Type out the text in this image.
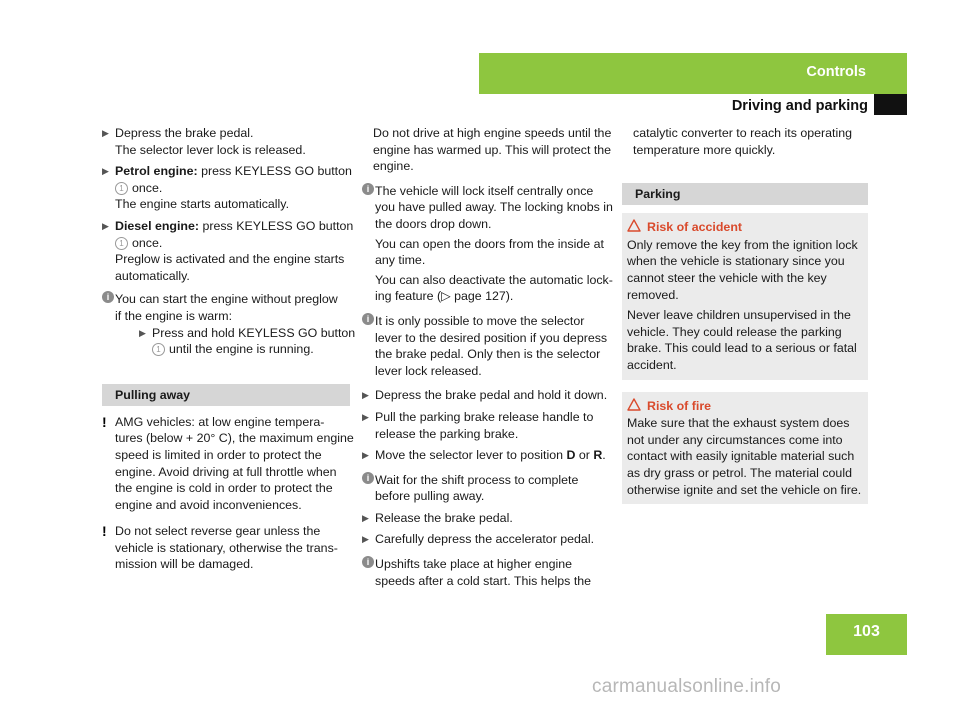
Controls
Driving and parking
▶ Depress the brake pedal.
The selector lever lock is released.
▶ Petrol engine: press KEYLESS GO button
1 once.
The engine starts automatically.
▶ Diesel engine: press KEYLESS GO button
1 once.
Preglow is activated and the engine starts
automatically.
i You can start the engine without preglow
if the engine is warm:
▶ Press and hold KEYLESS GO button
1 until the engine is running.
Pulling away
! AMG vehicles: at low engine tempera-
tures (below + 20° C), the maximum engine
speed is limited in order to protect the
engine. Avoid driving at full throttle when
the engine is cold in order to protect the
engine and avoid inconveniences.
! Do not select reverse gear unless the
vehicle is stationary, otherwise the trans-
mission will be damaged.
Do not drive at high engine speeds until the
engine has warmed up. This will protect the
engine.
i The vehicle will lock itself centrally once
you have pulled away. The locking knobs in
the doors drop down.
You can open the doors from the inside at
any time.
You can also deactivate the automatic lock-
ing feature (▷ page 127).
i It is only possible to move the selector
lever to the desired position if you depress
the brake pedal. Only then is the selector
lever lock released.
▶ Depress the brake pedal and hold it down.
▶ Pull the parking brake release handle to
release the parking brake.
▶ Move the selector lever to position D or R.
i Wait for the shift process to complete
before pulling away.
▶ Release the brake pedal.
▶ Carefully depress the accelerator pedal.
i Upshifts take place at higher engine
speeds after a cold start. This helps the
catalytic converter to reach its operating
temperature more quickly.
Parking
Risk of accident
Only remove the key from the ignition lock
when the vehicle is stationary since you
cannot steer the vehicle with the key
removed.
Never leave children unsupervised in the
vehicle. They could release the parking
brake. This could lead to a serious or fatal
accident.
Risk of fire
Make sure that the exhaust system does
not under any circumstances come into
contact with easily ignitable material such
as dry grass or petrol. The material could
otherwise ignite and set the vehicle on fire.
103
carmanualsonline.info
